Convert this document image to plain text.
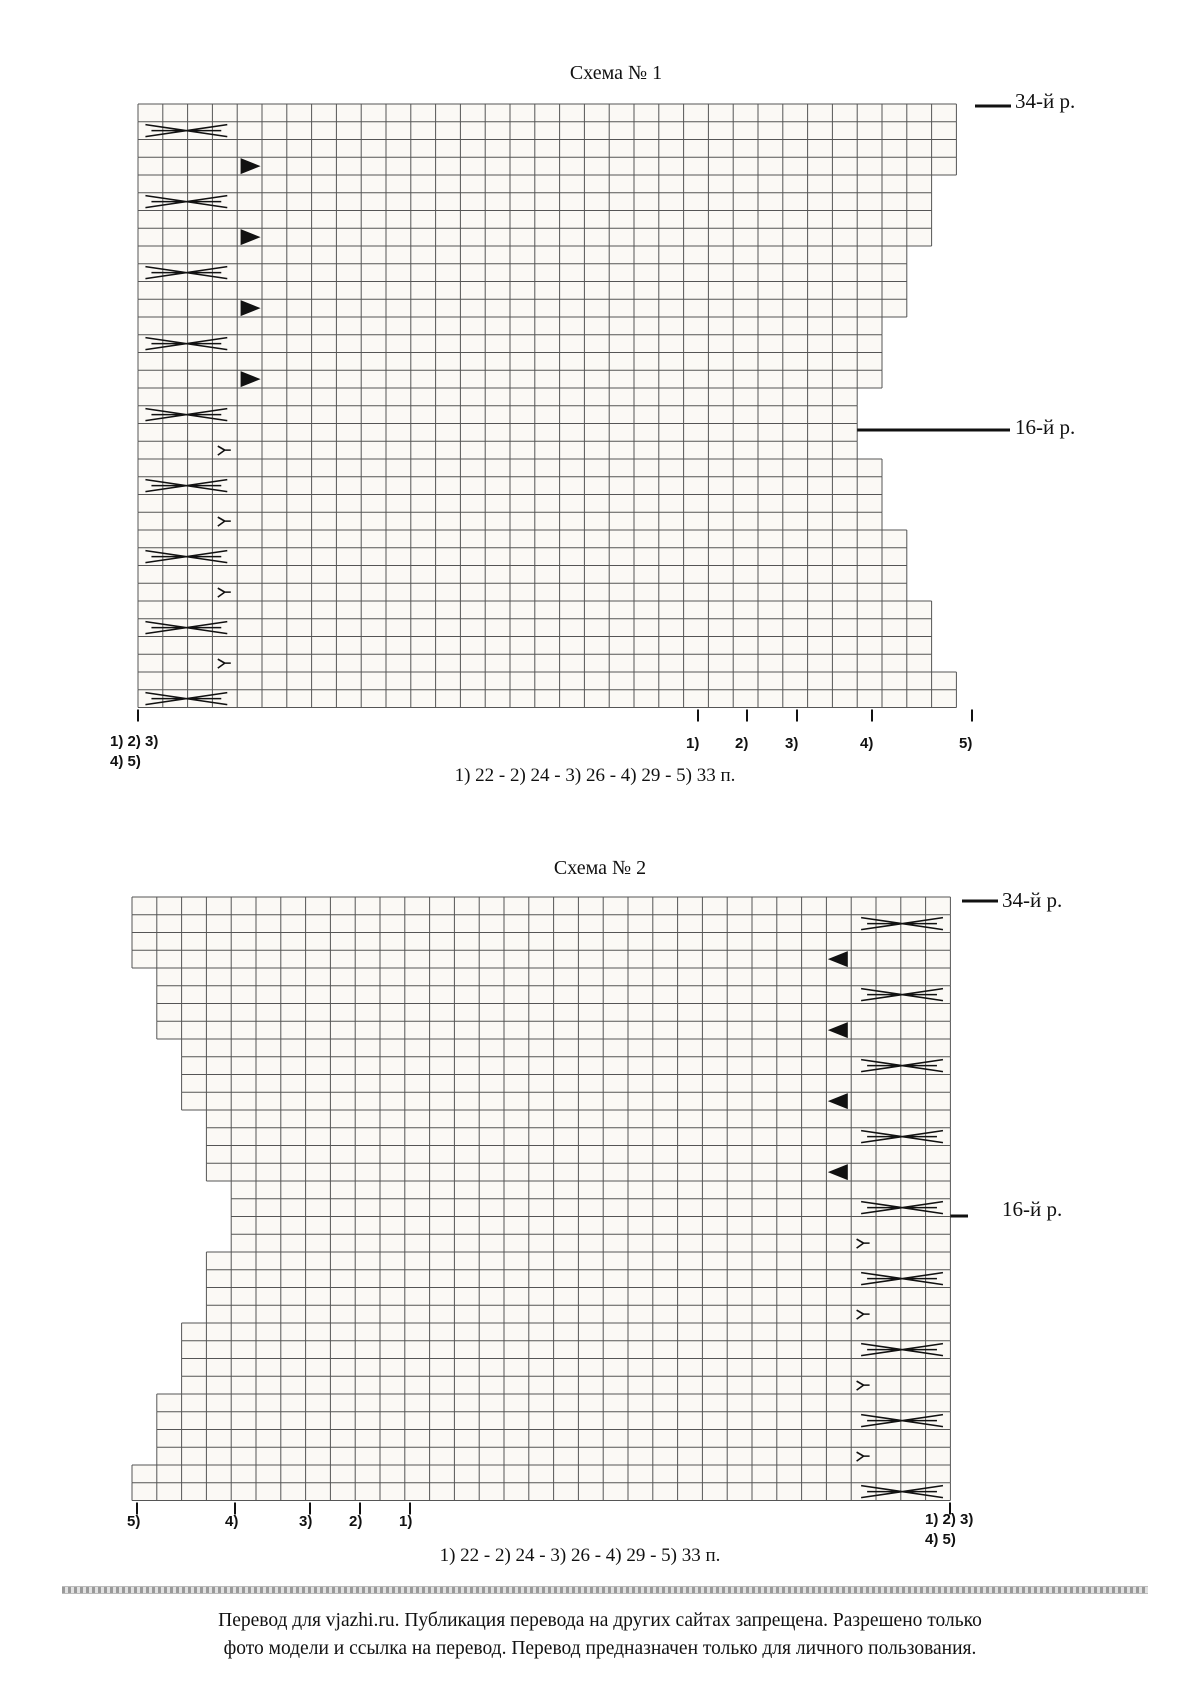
Схема № 1
34-й р.
16-й р.
1) 2) 3)
4) 5)
1) 2) 3)	4)	5)
1) 22 - 2) 24 - 3) 26 - 4) 29 - 5) 33 п.
Схема № 2
34-й р.
16-й р.
5)	4)	3) 2) 1)	1) 2) 3)
4) 5)
1) 22 - 2) 24 - 3) 26 - 4) 29 - 5) 33 п.
Перевод для vjazhi.ru. Публикация перевода на других сайтах запрещена. Разрешено только
фото модели и ссылка на перевод. Перевод предназначен только для личного пользования.
